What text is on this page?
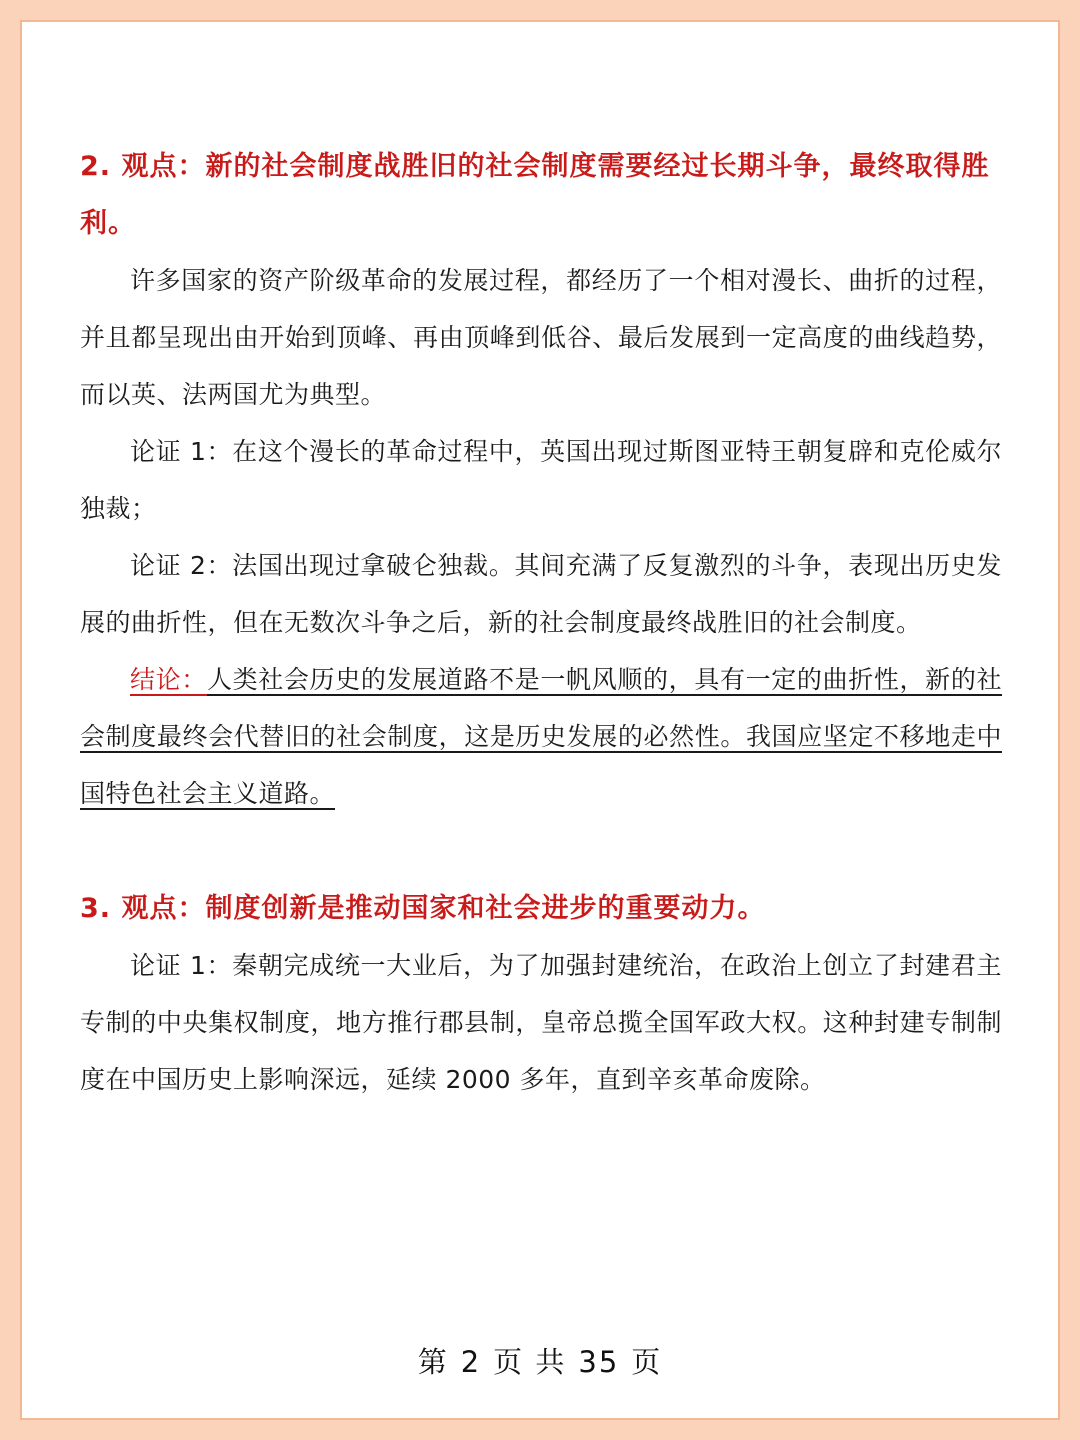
2. 观点：新的社会制度战胜旧的社会制度需要经过长期斗争，最终取得胜利。

许多国家的资产阶级革命的发展过程，都经历了一个相对漫长、曲折的过程，并且都呈现出由开始到顶峰、再由顶峰到低谷、最后发展到一定高度的曲线趋势，而以英、法两国尤为典型。

论证 1：在这个漫长的革命过程中，英国出现过斯图亚特王朝复辟和克伦威尔独裁；

论证 2：法国出现过拿破仑独裁。其间充满了反复激烈的斗争，表现出历史发展的曲折性，但在无数次斗争之后，新的社会制度最终战胜旧的社会制度。

结论：人类社会历史的发展道路不是一帆风顺的，具有一定的曲折性，新的社会制度最终会代替旧的社会制度，这是历史发展的必然性。我国应坚定不移地走中国特色社会主义道路。

3. 观点：制度创新是推动国家和社会进步的重要动力。

论证 1：秦朝完成统一大业后，为了加强封建统治，在政治上创立了封建君主专制的中央集权制度，地方推行郡县制，皇帝总揽全国军政大权。这种封建专制制度在中国历史上影响深远，延续 2000 多年，直到辛亥革命废除。

第 2 页 共 35 页
